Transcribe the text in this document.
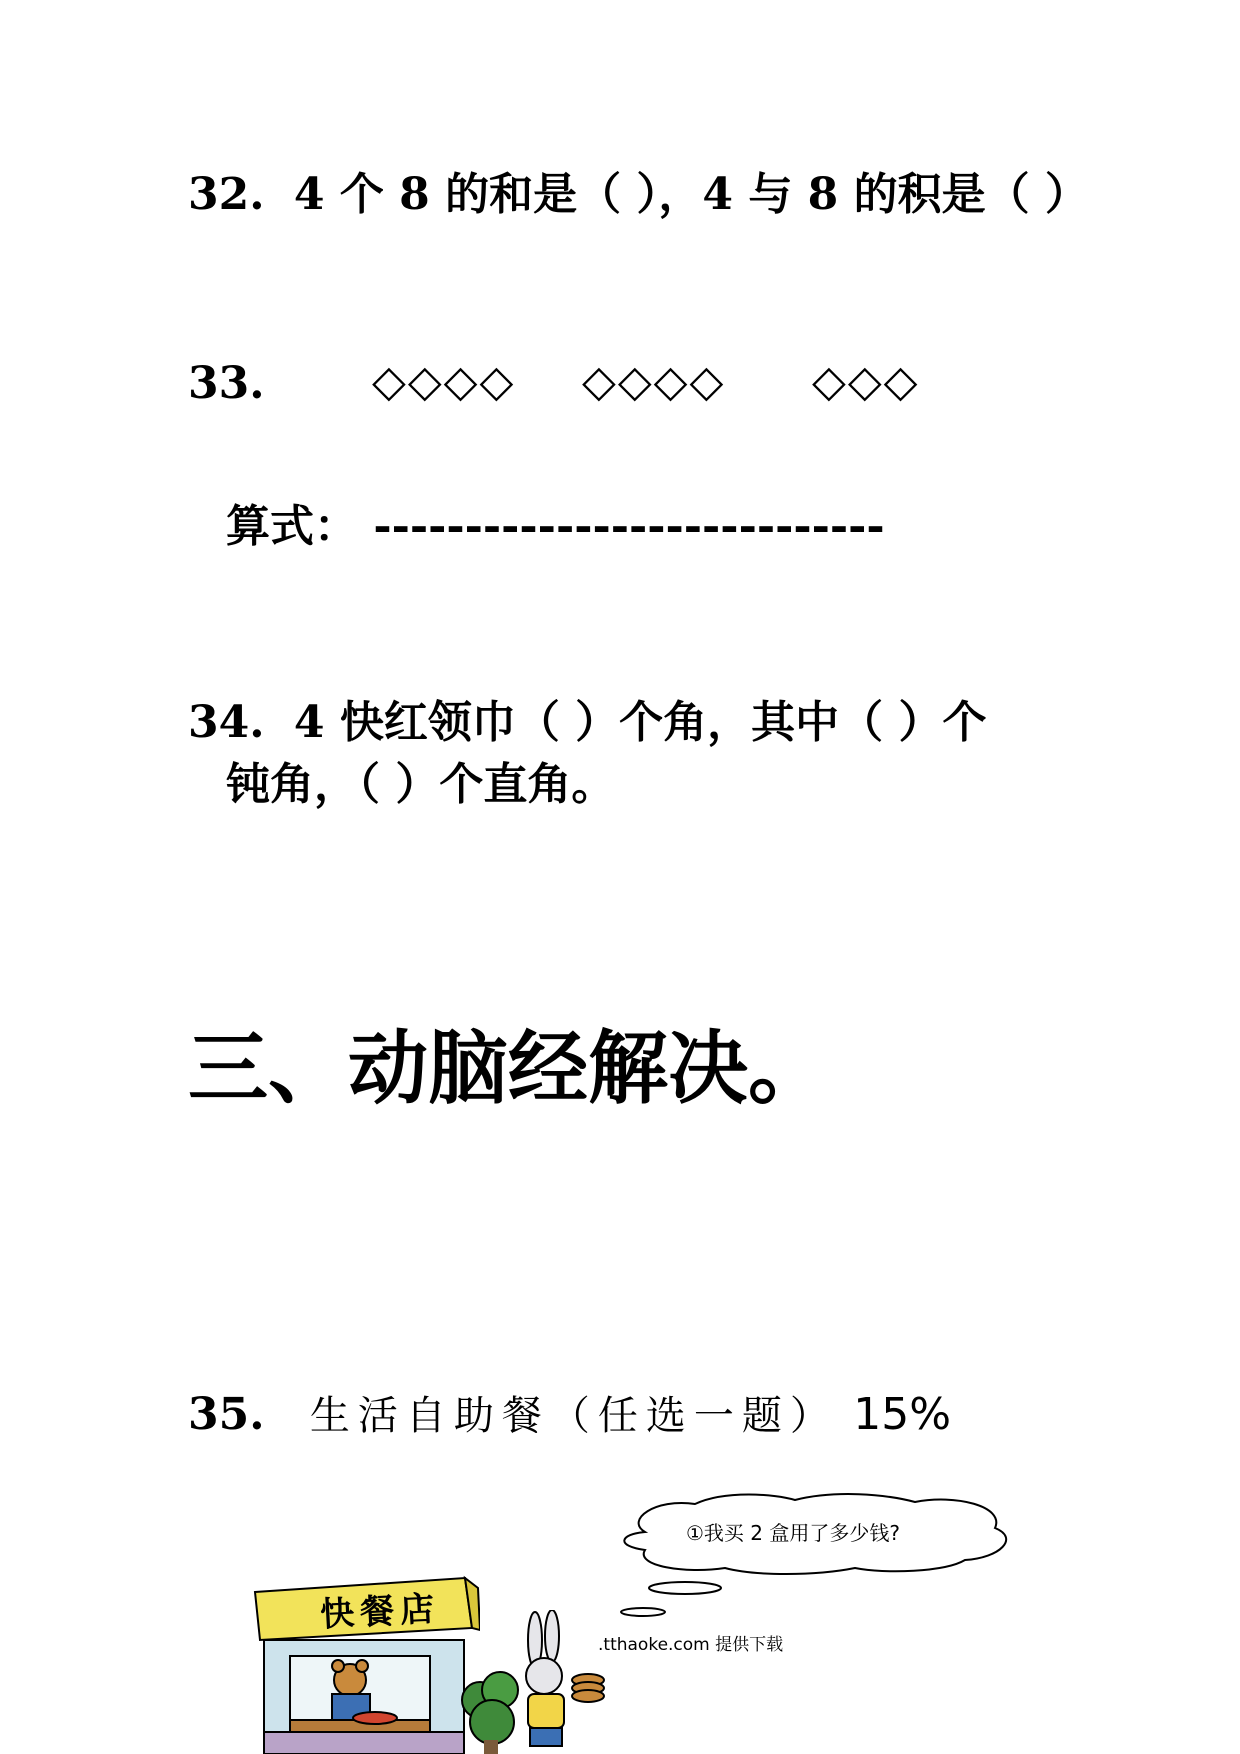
32. 4 个 8 的和是（ ），4 与 8 的积是（ ）
33. ◇◇◇◇ ◇◇◇◇ ◇◇◇
算式： ----------------------------
34. 4 快红领巾（ ）个角，其中（ ）个
钝角，（ ）个直角。
三、动脑经解决。
35. 生活自助餐（任选一题） 15%
①我买 2 盒用了多少钱?
快餐店
.tthaoke.com 提供下载
